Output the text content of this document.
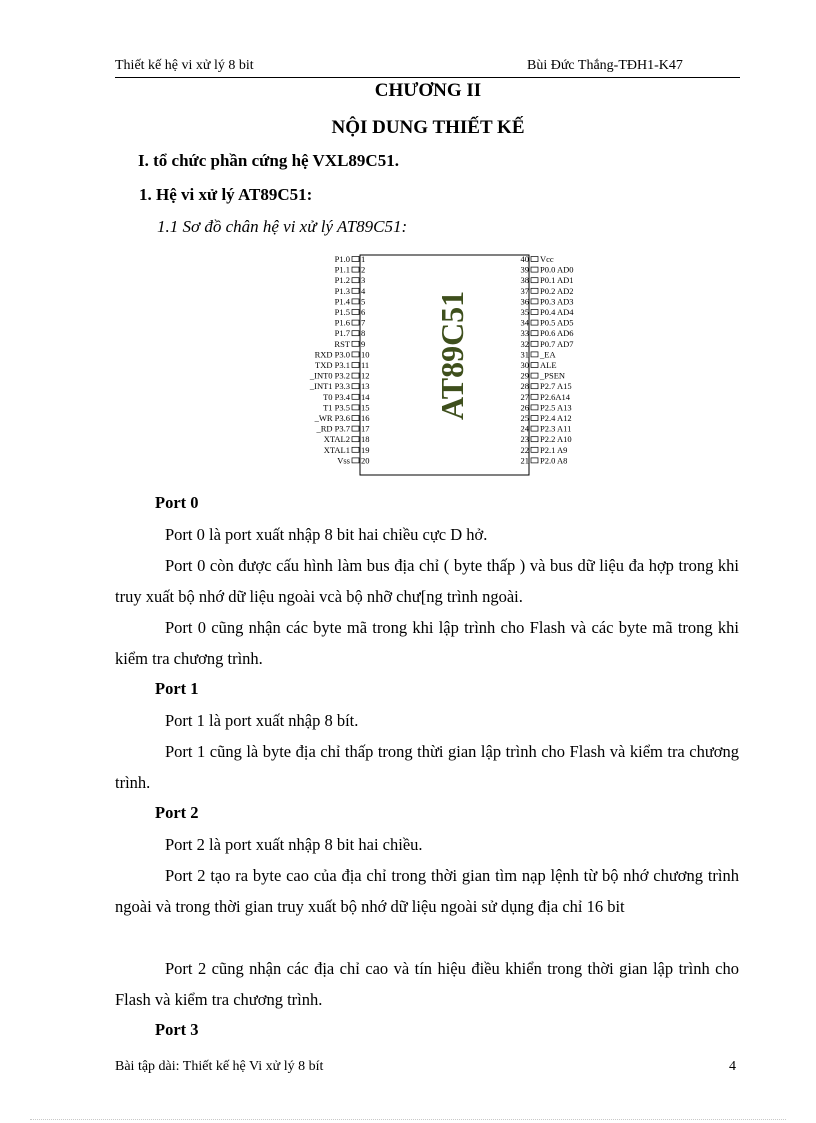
Thiết kế hệ vi xử lý 8 bit	Bùi Đức Thắng-TĐH1-K47
CHƯƠNG II
NỘI DUNG THIẾT KẾ
I. tổ chức phần cứng hệ VXL89C51.
1. Hệ vi xử lý AT89C51:
1.1 Sơ đồ chân hệ vi xử lý AT89C51:
AT89C51
P1.0 1
P1.1 2
P1.2 3
P1.3 4
P1.4 5
P1.5 6
P1.6 7
P1.7 8
RST 9
RXD P3.0 10
TXD P3.1 11
_INT0 P3.2 12
_INT1 P3.3 13
T0 P3.4 14
T1 P3.5 15
_WR P3.6 16
_RD P3.7 17
XTAL2 18
XTAL1 19
Vss 20
40 Vcc
39 P0.0 AD0
38 P0.1 AD1
37 P0.2 AD2
36 P0.3 AD3
35 P0.4 AD4
34 P0.5 AD5
33 P0.6 AD6
32 P0.7 AD7
31 _EA
30 ALE
29 _PSEN
28 P2.7 A15
27 P2.6A14
26 P2.5 A13
25 P2.4 A12
24 P2.3 A11
23 P2.2 A10
22 P2.1 A9
21 P2.0 A8
Port 0
Port 0 là port xuất nhập 8 bit hai chiều cực D hở.
Port 0 còn được cấu hình làm bus địa chỉ ( byte thấp ) và bus dữ liệu đa hợp trong khi truy xuất bộ nhớ dữ liệu ngoài vcà bộ nhỡ chư[ng trình ngoài.
Port 0 cũng nhận các byte mã trong khi lập trình cho Flash và các byte mã trong khi kiểm tra chương trình.
Port 1
Port 1 là port xuất nhập 8 bít.
Port 1 cũng là byte địa chỉ thấp trong thừi gian lập trình cho Flash và kiểm tra chương trình.
Port 2
Port 2 là port xuất nhập 8 bit hai chiều.
Port 2 tạo ra byte cao của địa chỉ trong thời gian tìm nạp lệnh từ bộ nhớ chương trình ngoài và trong thời gian truy xuất bộ nhớ dữ liệu ngoài sử dụng địa chỉ 16 bit
Port 2 cũng nhận các địa chỉ cao và tín hiệu điều khiển trong thời gian lập trình cho Flash và kiểm tra chương trình.
Port 3
Bài tập dài: Thiết kế hệ Vi xử lý 8 bít	4
